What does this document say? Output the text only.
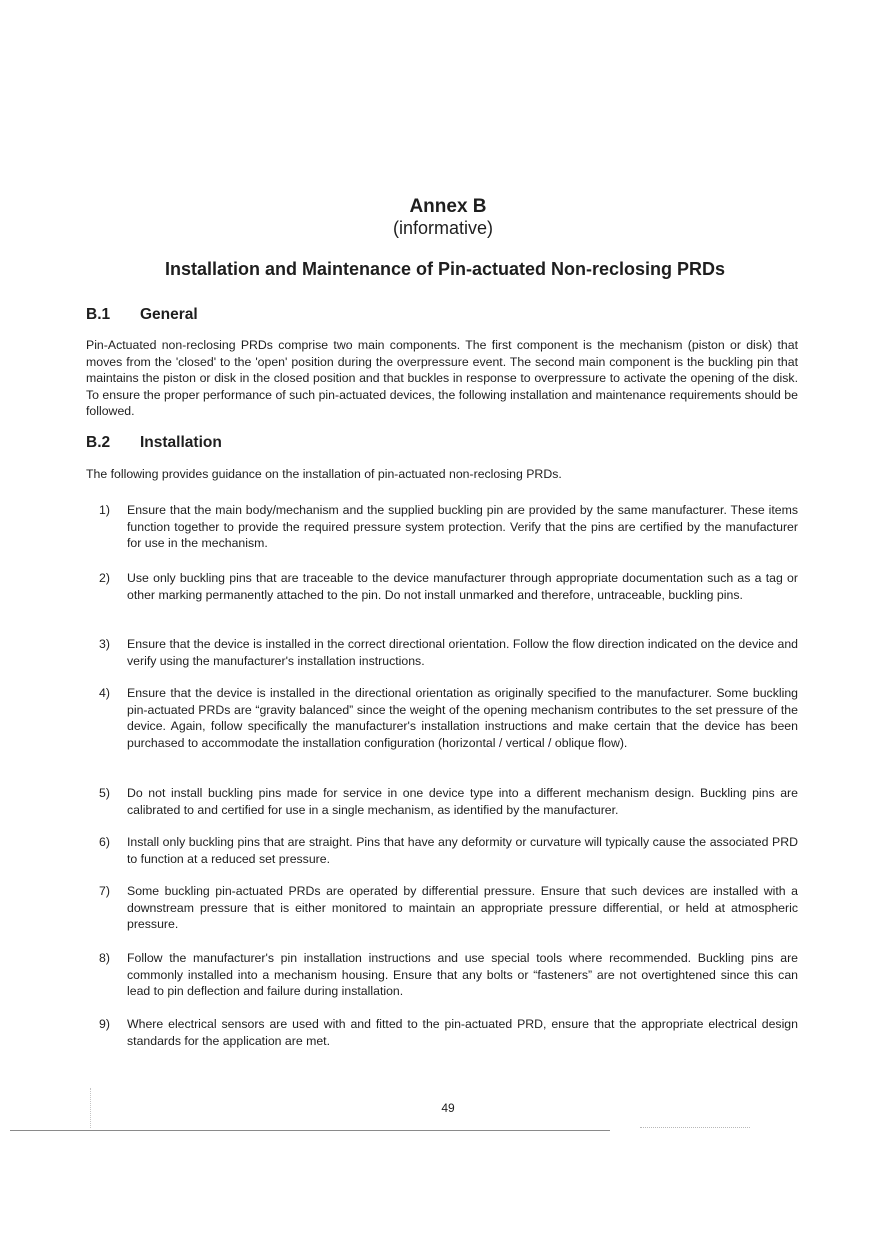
Annex B
(informative)
Installation and Maintenance of Pin-actuated Non-reclosing PRDs
B.1 General

Pin-Actuated non-reclosing PRDs comprise two main components. The first component is the mechanism (piston or disk) that moves from the 'closed' to the 'open' position during the overpressure event. The second main component is the buckling pin that maintains the piston or disk in the closed position and that buckles in response to overpressure to activate the opening of the disk. To ensure the proper performance of such pin-actuated devices, the following installation and maintenance requirements should be followed.

B.2 Installation

The following provides guidance on the installation of pin-actuated non-reclosing PRDs.

1) Ensure that the main body/mechanism and the supplied buckling pin are provided by the same manufacturer. These items function together to provide the required pressure system protection. Verify that the pins are certified by the manufacturer for use in the mechanism.
2) Use only buckling pins that are traceable to the device manufacturer through appropriate documentation such as a tag or other marking permanently attached to the pin. Do not install unmarked and therefore, untraceable, buckling pins.
3) Ensure that the device is installed in the correct directional orientation. Follow the flow direction indicated on the device and verify using the manufacturer's installation instructions.
4) Ensure that the device is installed in the directional orientation as originally specified to the manufacturer. Some buckling pin-actuated PRDs are “gravity balanced” since the weight of the opening mechanism contributes to the set pressure of the device. Again, follow specifically the manufacturer's installation instructions and make certain that the device has been purchased to accommodate the installation configuration (horizontal / vertical / oblique flow).
5) Do not install buckling pins made for service in one device type into a different mechanism design. Buckling pins are calibrated to and certified for use in a single mechanism, as identified by the manufacturer.
6) Install only buckling pins that are straight. Pins that have any deformity or curvature will typically cause the associated PRD to function at a reduced set pressure.
7) Some buckling pin-actuated PRDs are operated by differential pressure. Ensure that such devices are installed with a downstream pressure that is either monitored to maintain an appropriate pressure differential, or held at atmospheric pressure.
8) Follow the manufacturer's pin installation instructions and use special tools where recommended. Buckling pins are commonly installed into a mechanism housing. Ensure that any bolts or “fasteners” are not overtightened since this can lead to pin deflection and failure during installation.
9) Where electrical sensors are used with and fitted to the pin-actuated PRD, ensure that the appropriate electrical design standards for the application are met.
49
